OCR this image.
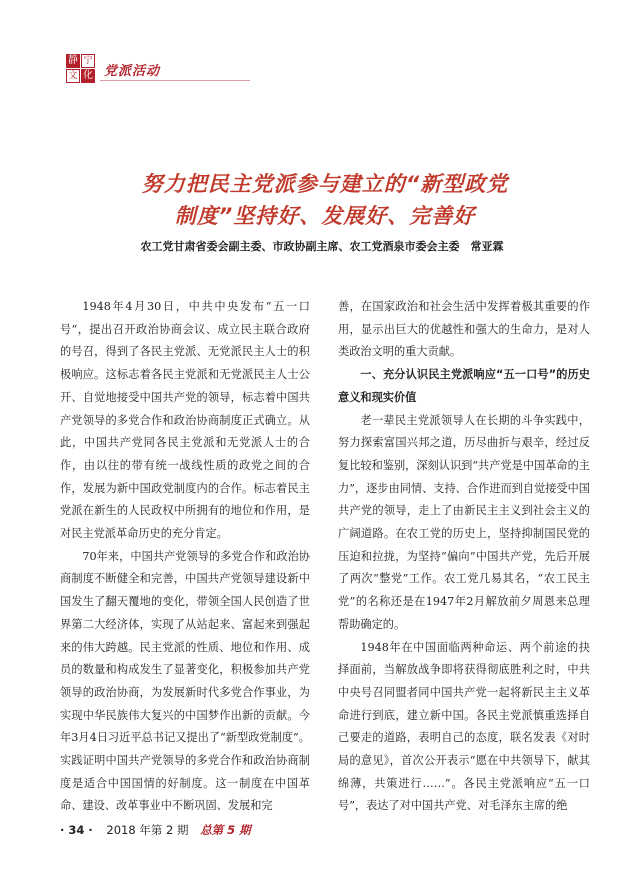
静 宁
文 化 党派活动
努力把民主党派参与建立的“新型政党
制度”坚持好、发展好、完善好
农工党甘肃省委会副主委、市政协副主席、农工党酒泉市委会主委　常亚霖

1948年4月30日，中共中央发布“五一口号”，提出召开政治协商会议、成立民主联合政府的号召，得到了各民主党派、无党派民主人士的积极响应。这标志着各民主党派和无党派民主人士公开、自觉地接受中国共产党的领导，标志着中国共产党领导的多党合作和政治协商制度正式确立。从此，中国共产党同各民主党派和无党派人士的合作，由以往的带有统一战线性质的政党之间的合作，发展为新中国政党制度内的合作。标志着民主党派在新生的人民政权中所拥有的地位和作用，是对民主党派革命历史的充分肯定。

70年来，中国共产党领导的多党合作和政治协商制度不断健全和完善，中国共产党领导建设新中国发生了翻天覆地的变化，带领全国人民创造了世界第二大经济体，实现了从站起来、富起来到强起来的伟大跨越。民主党派的性质、地位和作用、成员的数量和构成发生了显著变化，积极参加共产党领导的政治协商，为发展新时代多党合作事业，为实现中华民族伟大复兴的中国梦作出新的贡献。今年3月4日习近平总书记又提出了“新型政党制度”。实践证明中国共产党领导的多党合作和政治协商制度是适合中国国情的好制度。这一制度在中国革命、建设、改革事业中不断巩固、发展和完

善，在国家政治和社会生活中发挥着极其重要的作用，显示出巨大的优越性和强大的生命力，是对人类政治文明的重大贡献。

一、充分认识民主党派响应“五一口号”的历史意义和现实价值

老一辈民主党派领导人在长期的斗争实践中，努力探索富国兴邦之道，历尽曲折与艰辛，经过反复比较和鉴别，深刻认识到“共产党是中国革命的主力”，逐步由同情、支持、合作进而到自觉接受中国共产党的领导，走上了由新民主主义到社会主义的广阔道路。在农工党的历史上，坚持抑制国民党的压迫和拉拢，为坚持“偏向”中国共产党，先后开展了两次“整党”工作。农工党几易其名，“农工民主党”的名称还是在1947年2月解放前夕周恩来总理帮助确定的。

1948年在中国面临两种命运、两个前途的抉择面前，当解放战争即将获得彻底胜利之时，中共中央号召同盟者同中国共产党一起将新民主主义革命进行到底，建立新中国。各民主党派慎重选择自己要走的道路，表明自己的态度，联名发表《对时局的意见》，首次公开表示“愿在中共领导下，献其绵薄，共策进行……”。各民主党派响应“五一口号”，表达了对中国共产党、对毛泽东主席的绝

· 34 · 2018 年第 2 期 总第 5 期
